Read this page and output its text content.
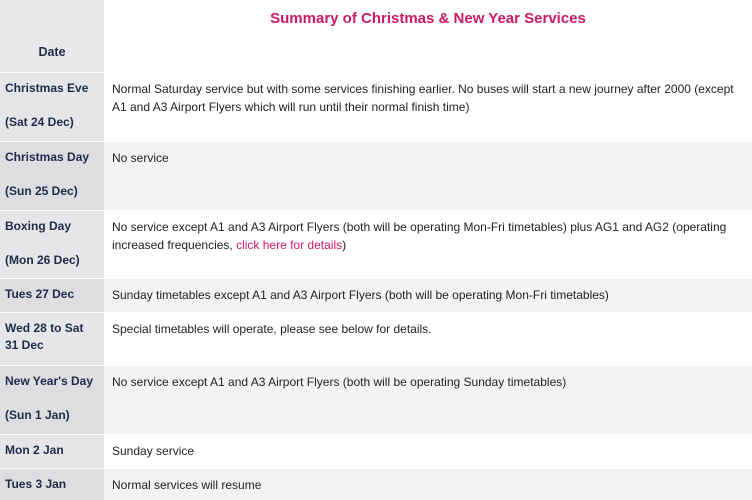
Date	Summary of Christmas & New Year Services

Christmas Eve
(Sat 24 Dec)	Normal Saturday service but with some services finishing earlier. No buses will start a new journey after 2000 (except A1 and A3 Airport Flyers which will run until their normal finish time)

Christmas Day
(Sun 25 Dec)	No service

Boxing Day
(Mon 26 Dec)	No service except A1 and A3 Airport Flyers (both will be operating Mon-Fri timetables) plus AG1 and AG2 (operating increased frequencies, click here for details)

Tues 27 Dec	Sunday timetables except A1 and A3 Airport Flyers (both will be operating Mon-Fri timetables)

Wed 28 to Sat 31 Dec	Special timetables will operate, please see below for details.

New Year's Day
(Sun 1 Jan)	No service except A1 and A3 Airport Flyers (both will be operating Sunday timetables)

Mon 2 Jan	Sunday service

Tues 3 Jan	Normal services will resume
